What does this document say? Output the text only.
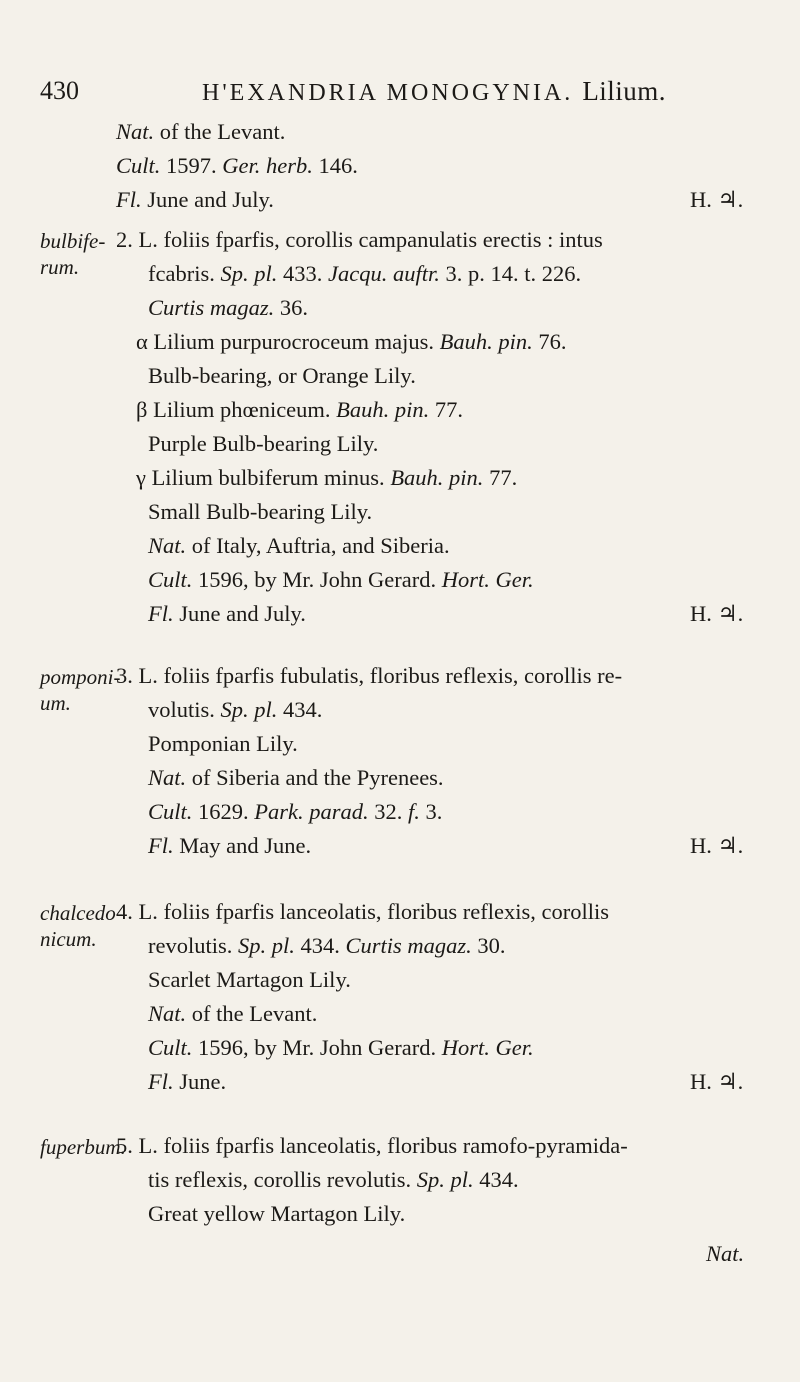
430	H'EXANDRIA MONOGYNIA. Lilium.
Nat. of the Levant.
Cult. 1597. Ger. herb. 146.
Fl. June and July.	H. ♃.
bulbife-
rum.
2. L. foliis fparfis, corollis campanulatis erectis : intus
fcabris. Sp. pl. 433. Jacqu. auftr. 3. p. 14. t. 226.
Curtis magaz. 36.
α Lilium purpurocroceum majus. Bauh. pin. 76.
Bulb-bearing, or Orange Lily.
β Lilium phœniceum. Bauh. pin. 77.
Purple Bulb-bearing Lily.
γ Lilium bulbiferum minus. Bauh. pin. 77.
Small Bulb-bearing Lily.
Nat. of Italy, Auftria, and Siberia.
Cult. 1596, by Mr. John Gerard. Hort. Ger.
Fl. June and July.	H. ♃.
pomponi-
um.
3. L. foliis fparfis fubulatis, floribus reflexis, corollis re-
volutis. Sp. pl. 434.
Pomponian Lily.
Nat. of Siberia and the Pyrenees.
Cult. 1629. Park. parad. 32. f. 3.
Fl. May and June.	H. ♃.
chalcedo-
nicum.
4. L. foliis fparfis lanceolatis, floribus reflexis, corollis
revolutis. Sp. pl. 434. Curtis magaz. 30.
Scarlet Martagon Lily.
Nat. of the Levant.
Cult. 1596, by Mr. John Gerard. Hort. Ger.
Fl. June.	H. ♃.
fuperbum.
5. L. foliis fparfis lanceolatis, floribus ramofo-pyramida-
tis reflexis, corollis revolutis. Sp. pl. 434.
Great yellow Martagon Lily.
Nat.
